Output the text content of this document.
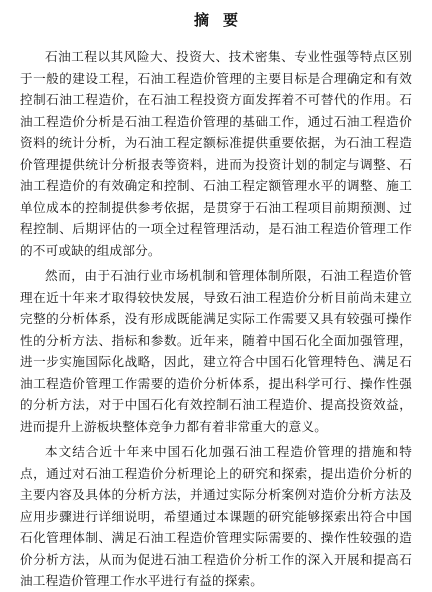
摘要

石油工程以其风险大、投资大、技术密集、专业性强等特点区别于一般的建设工程，石油工程造价管理的主要目标是合理确定和有效控制石油工程造价，在石油工程投资方面发挥着不可替代的作用。石油工程造价分析是石油工程造价管理的基础工作，通过石油工程造价资料的统计分析，为石油工程定额标准提供重要依据，为石油工程造价管理提供统计分析报表等资料，进而为投资计划的制定与调整、石油工程造价的有效确定和控制、石油工程定额管理水平的调整、施工单位成本的控制提供参考依据，是贯穿于石油工程项目前期预测、过程控制、后期评估的一项全过程管理活动，是石油工程造价管理工作的不可或缺的组成部分。

然而，由于石油行业市场机制和管理体制所限，石油工程造价管理在近十年来才取得较快发展，导致石油工程造价分析目前尚未建立完整的分析体系，没有形成既能满足实际工作需要又具有较强可操作性的分析方法、指标和参数。近年来，随着中国石化全面加强管理，进一步实施国际化战略，因此，建立符合中国石化管理特色、满足石油工程造价管理工作需要的造价分析体系，提出科学可行、操作性强的分析方法，对于中国石化有效控制石油工程造价、提高投资效益，进而提升上游板块整体竞争力都有着非常重大的意义。

本文结合近十年来中国石化加强石油工程造价管理的措施和特点，通过对石油工程造价分析理论上的研究和探索，提出造价分析的主要内容及具体的分析方法，并通过实际分析案例对造价分析方法及应用步骤进行详细说明，希望通过本课题的研究能够探索出符合中国石化管理体制、满足石油工程造价管理实际需要的、操作性较强的造价分析方法，从而为促进石油工程造价分析工作的深入开展和提高石油工程造价管理工作水平进行有益的探索。
